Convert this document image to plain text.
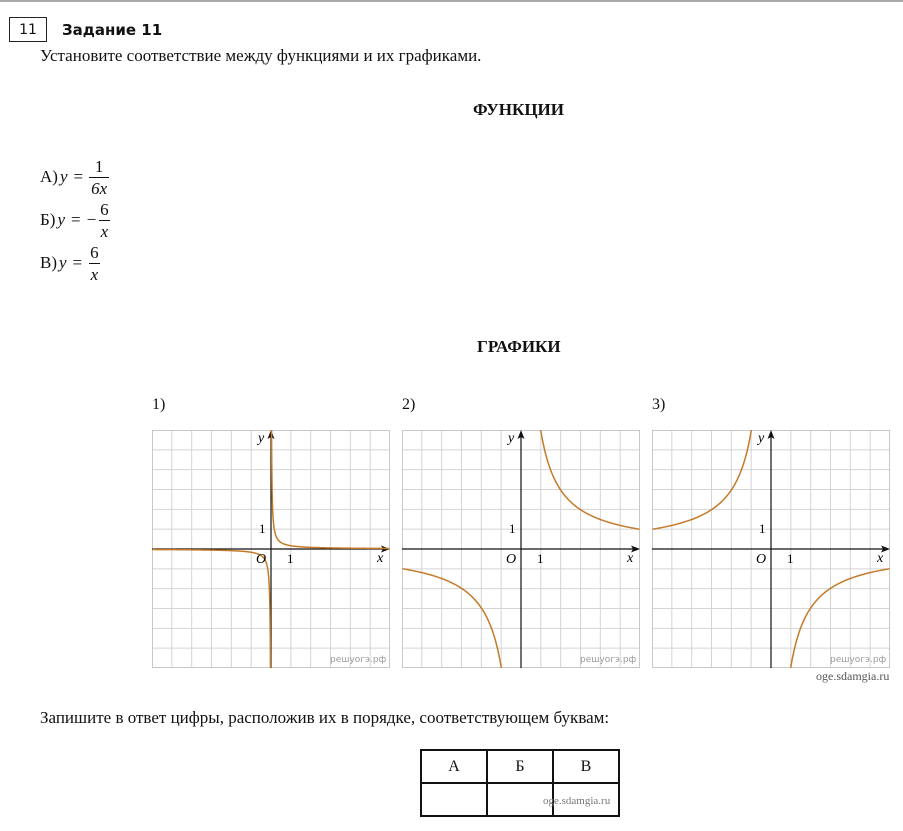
11	Задание 11
Установите соответствие между функциями и их графиками.
ФУНКЦИИ
А) $y = \frac{1}{6x}$
Б) y = − $\frac{6}{x}$
В) $y = \frac{6}{x}$
ГРАФИКИ
1)	2)	3)
y
x
O 1
1
решуогэ.рф
y
x
O 1
1
решуогэ.рф
y
x
O 1
1
решуогэ.рф
oge.sdamgia.ru
Запишите в ответ цифры, расположив их в порядке, соответствующем буквам:
А	Б	В

oge.sdamgia.ru
